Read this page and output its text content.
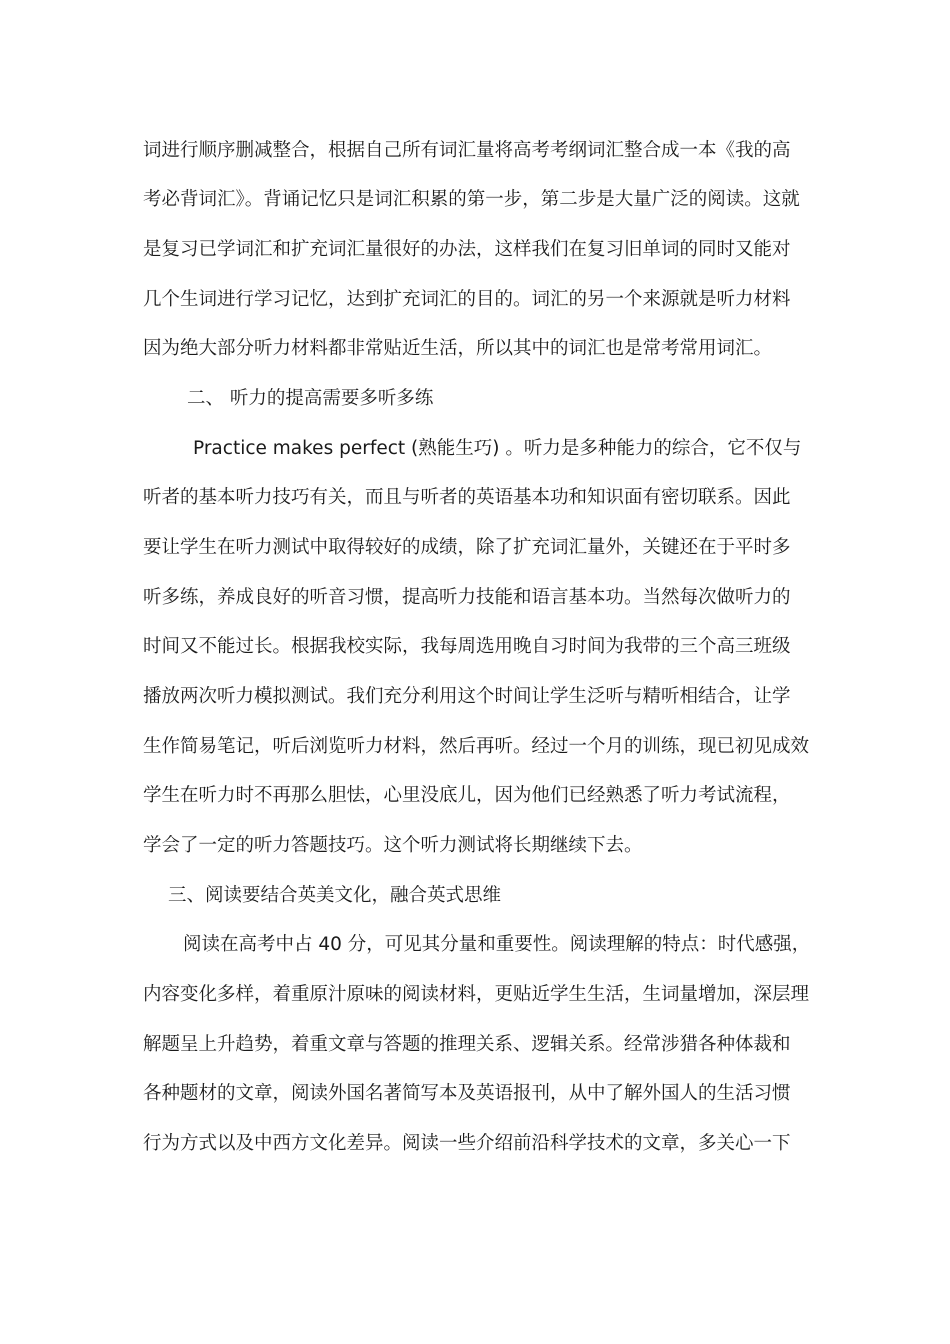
词进行顺序删减整合，根据自己所有词汇量将高考考纲词汇整合成一本《我的高
考必背词汇》。背诵记忆只是词汇积累的第一步，第二步是大量广泛的阅读。这就
是复习已学词汇和扩充词汇量很好的办法，这样我们在复习旧单词的同时又能对
几个生词进行学习记忆，达到扩充词汇的目的。词汇的另一个来源就是听力材料
因为绝大部分听力材料都非常贴近生活，所以其中的词汇也是常考常用词汇。
二、 听力的提高需要多听多练
Practice makes perfect (熟能生巧) 。听力是多种能力的综合，它不仅与
听者的基本听力技巧有关，而且与听者的英语基本功和知识面有密切联系。因此
要让学生在听力测试中取得较好的成绩，除了扩充词汇量外，关键还在于平时多
听多练，养成良好的听音习惯，提高听力技能和语言基本功。当然每次做听力的
时间又不能过长。根据我校实际，我每周选用晚自习时间为我带的三个高三班级
播放两次听力模拟测试。我们充分利用这个时间让学生泛听与精听相结合，让学
生作简易笔记，听后浏览听力材料，然后再听。经过一个月的训练，现已初见成效
学生在听力时不再那么胆怯，心里没底儿，因为他们已经熟悉了听力考试流程，
学会了一定的听力答题技巧。这个听力测试将长期继续下去。
三、阅读要结合英美文化，融合英式思维
阅读在高考中占 40 分，可见其分量和重要性。阅读理解的特点：时代感强，
内容变化多样，着重原汁原味的阅读材料，更贴近学生生活，生词量增加，深层理
解题呈上升趋势，着重文章与答题的推理关系、逻辑关系。经常涉猎各种体裁和
各种题材的文章，阅读外国名著简写本及英语报刊，从中了解外国人的生活习惯
行为方式以及中西方文化差异。阅读一些介绍前沿科学技术的文章，多关心一下
